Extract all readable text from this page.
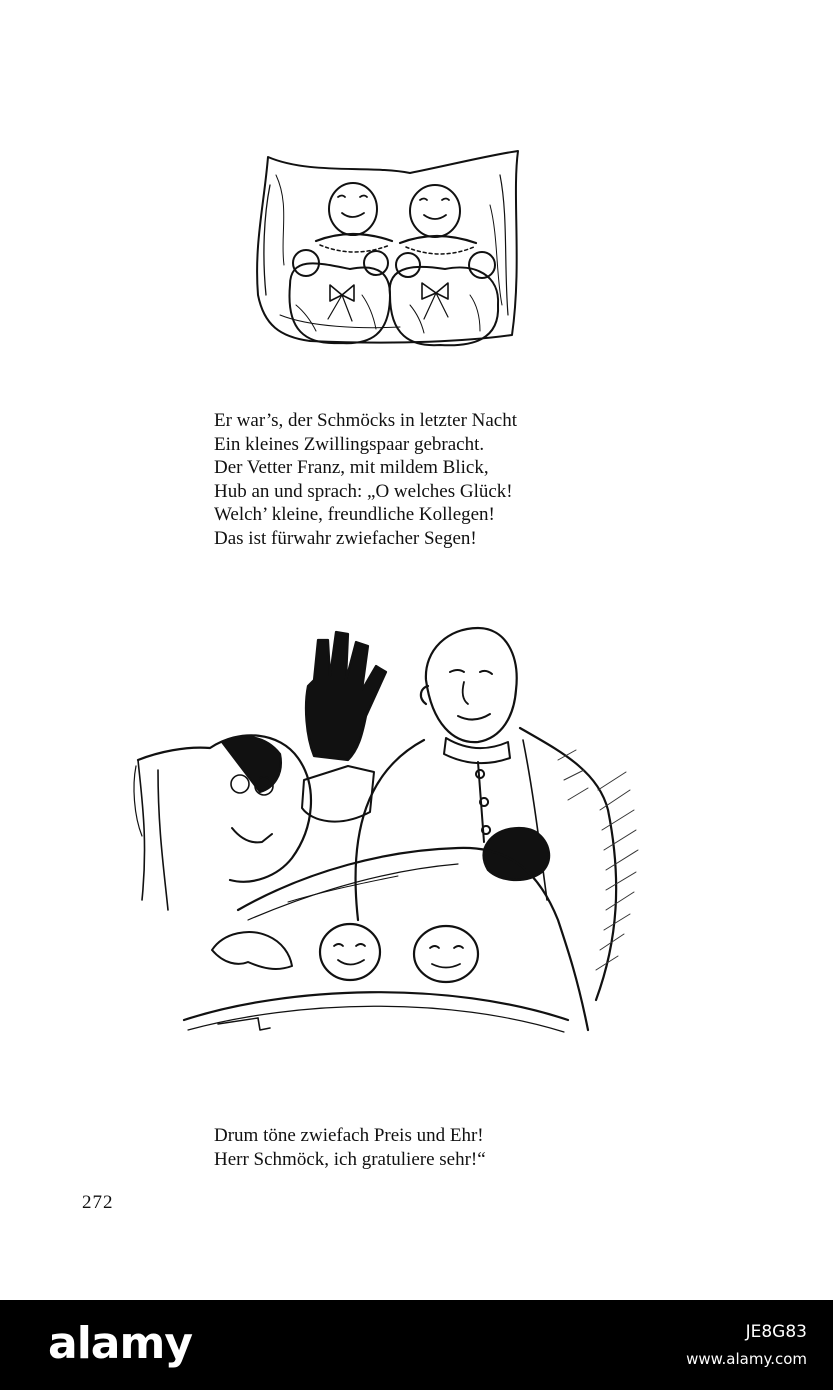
Er war’s, der Schmöcks in letzter Nacht
Ein kleines Zwillingspaar gebracht.
Der Vetter Franz, mit mildem Blick,
Hub an und sprach: „O welches Glück!
Welch’ kleine, freundliche Kollegen!
Das ist fürwahr zwiefacher Segen!
Drum töne zwiefach Preis und Ehr!
Herr Schmöck, ich gratuliere sehr!“
272
alamy	JE8G83
www.alamy.com
